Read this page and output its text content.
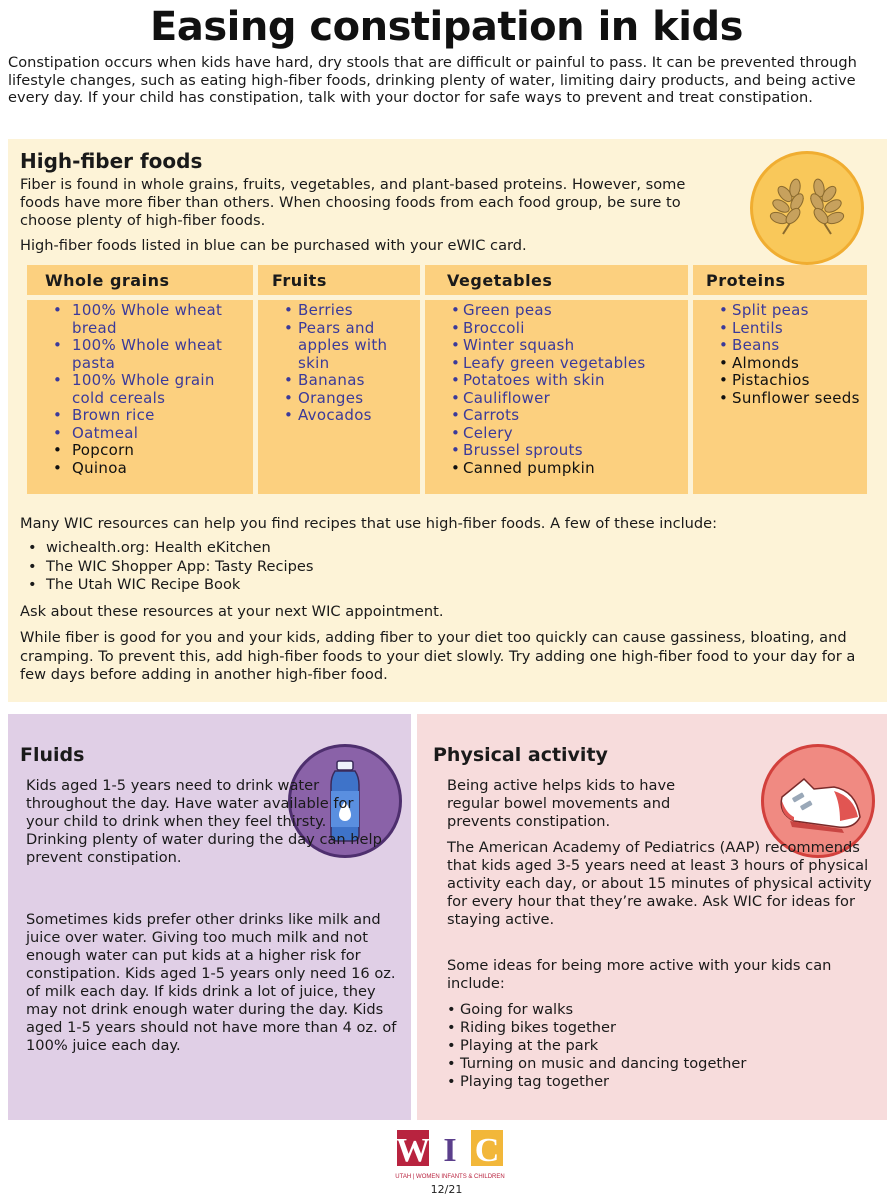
Easing constipation in kids
Constipation occurs when kids have hard, dry stools that are difficult or painful to pass. It can be prevented through lifestyle changes, such as eating high-fiber foods, drinking plenty of water, limiting dairy products, and being active every day. If your child has constipation, talk with your doctor for safe ways to prevent and treat constipation.
High-fiber foods

Fiber is found in whole grains, fruits, vegetables, and plant-based proteins. However, some foods have more fiber than others. When choosing foods from each food group, be sure to choose plenty of high-fiber foods.

High-fiber foods listed in blue can be purchased with your eWIC card.

Whole grains
• 100% Whole wheat bread
• 100% Whole wheat pasta
• 100% Whole grain cold cereals
• Brown rice
• Oatmeal
• Popcorn
• Quinoa
Fruits
• Berries
• Pears and apples with skin
• Bananas
• Oranges
• Avocados
Vegetables
• Green peas
• Broccoli
• Winter squash
• Leafy green vegetables
• Potatoes with skin
• Cauliflower
• Carrots
• Celery
• Brussel sprouts
• Canned pumpkin
Proteins
• Split peas
• Lentils
• Beans
• Almonds
• Pistachios
• Sunflower seeds

Many WIC resources can help you find recipes that use high-fiber foods. A few of these include:

• wichealth.org: Health eKitchen
• The WIC Shopper App: Tasty Recipes
• The Utah WIC Recipe Book

Ask about these resources at your next WIC appointment.

While fiber is good for you and your kids, adding fiber to your diet too quickly can cause gassiness, bloating, and cramping. To prevent this, add high-fiber foods to your diet slowly. Try adding one high-fiber food to your day for a few days before adding in another high-fiber food.

Fluids

Kids aged 1-5 years need to drink water throughout the day. Have water available for your child to drink when they feel thirsty. Drinking plenty of water during the day can help prevent constipation.

Sometimes kids prefer other drinks like milk and juice over water. Giving too much milk and not enough water can put kids at a higher risk for constipation. Kids aged 1-5 years only need 16 oz. of milk each day. If kids drink a lot of juice, they may not drink enough water during the day. Kids aged 1-5 years should not have more than 4 oz. of 100% juice each day.

Physical activity

Being active helps kids to have regular bowel movements and prevents constipation.

The American Academy of Pediatrics (AAP) recommends that kids aged 3-5 years need at least 3 hours of physical activity each day, or about 15 minutes of physical activity for every hour that they’re awake. Ask WIC for ideas for staying active.

Some ideas for being more active with your kids can include:

• Going for walks
• Riding bikes together
• Playing at the park
• Turning on music and dancing together
• Playing tag together
W I C
UTAH | WOMEN INFANTS & CHILDREN
12/21
